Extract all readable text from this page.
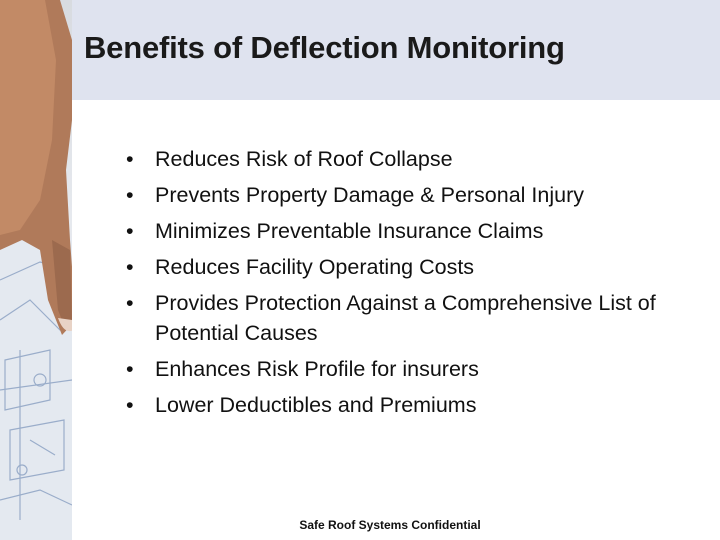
Benefits of Deflection Monitoring
• Reduces Risk of Roof Collapse
• Prevents Property Damage & Personal Injury
• Minimizes Preventable Insurance Claims
• Reduces Facility Operating Costs
• Provides Protection Against a Comprehensive List of Potential Causes
• Enhances Risk Profile for insurers
• Lower Deductibles and Premiums
Safe Roof Systems Confidential
